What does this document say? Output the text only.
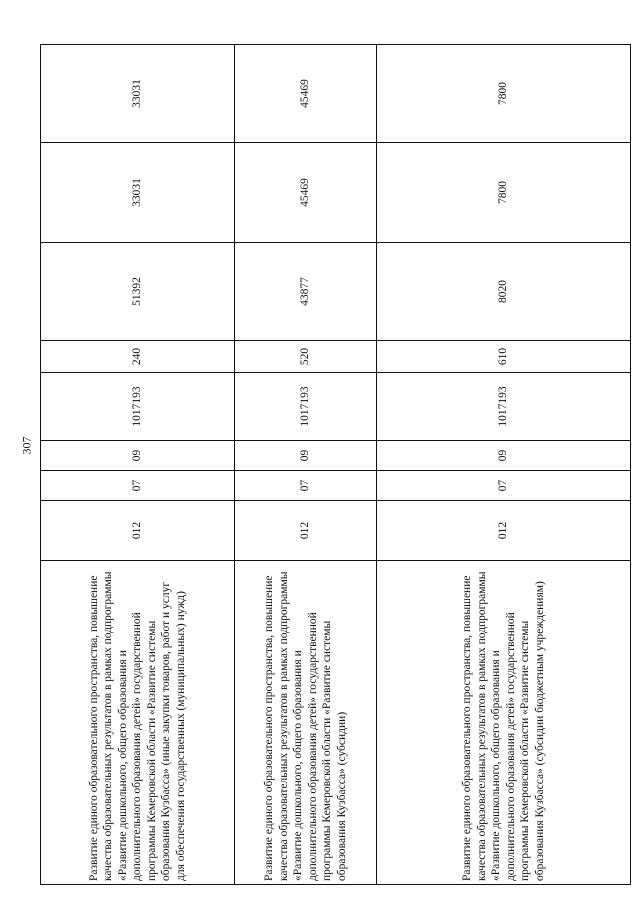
307
Развитие единого образовательного пространства, повышение качества образовательных результатов в рамках подпрограммы «Развитие дошкольного, общего образования и дополнительного образования детей» государственной программы Кемеровской области «Развитие системы образования Кузбасса» (иные закупки товаров, работ и услуг для обеспечения государственных (муниципальных) нужд)	012	07	09	1017193	240	51392	33031	33031
Развитие единого образовательного пространства, повышение качества образовательных результатов в рамках подпрограммы «Развитие дошкольного, общего образования и дополнительного образования детей» государственной программы Кемеровской области «Развитие системы образования Кузбасса» (субсидии)	012	07	09	1017193	520	43877	45469	45469
Развитие единого образовательного пространства, повышение качества образовательных результатов в рамках подпрограммы «Развитие дошкольного, общего образования и дополнительного образования детей» государственной программы Кемеровской области «Развитие системы образования Кузбасса» (субсидии бюджетным учреждениям)	012	07	09	1017193	610	8020	7800	7800
